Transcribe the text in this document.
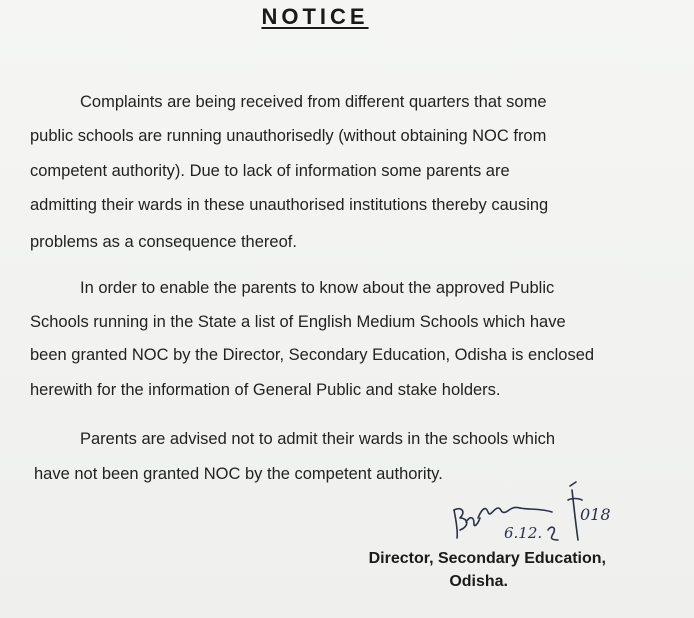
NOTICE
Complaints are being received from different quarters that some
public schools are running unauthorisedly (without obtaining NOC from
competent authority). Due to lack of information some parents are
admitting their wards in these unauthorised institutions thereby causing
problems as a consequence thereof.
In order to enable the parents to know about the approved Public
Schools running in the State a list of English Medium Schools which have
been granted NOC by the Director, Secondary Education, Odisha is enclosed
herewith for the information of General Public and stake holders.
Parents are advised not to admit their wards in the schools which
have not been granted NOC by the competent authority.
6.12.
018
Director, Secondary Education,
Odisha.
